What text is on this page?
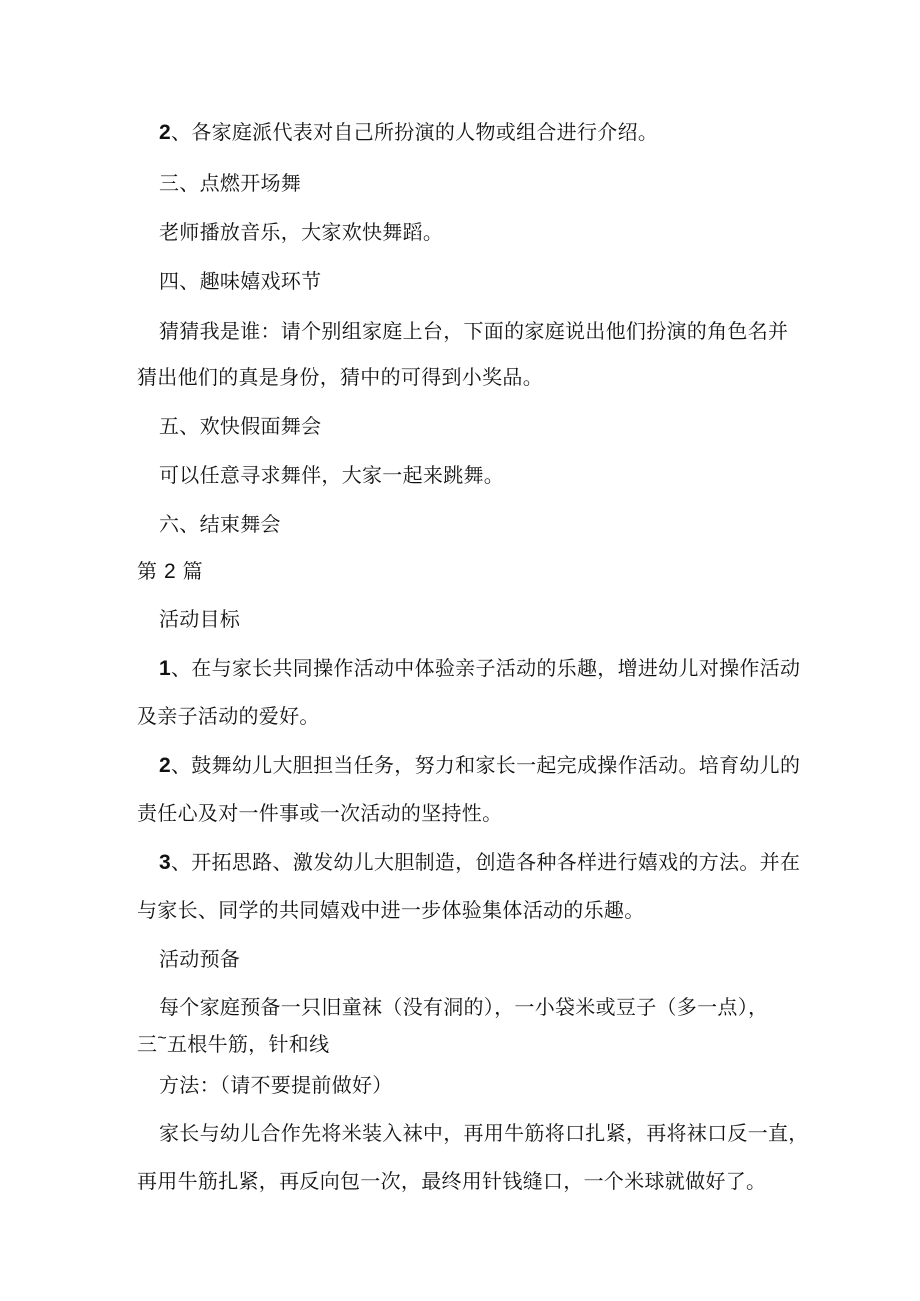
2、各家庭派代表对自己所扮演的人物或组合进行介绍。
三、点燃开场舞
老师播放音乐，大家欢快舞蹈。
四、趣味嬉戏环节
猜猜我是谁：请个别组家庭上台，下面的家庭说出他们扮演的角色名并
猜出他们的真是身份，猜中的可得到小奖品。
五、欢快假面舞会
可以任意寻求舞伴，大家一起来跳舞。
六、结束舞会
第 2 篇
活动目标
1、在与家长共同操作活动中体验亲子活动的乐趣，增进幼儿对操作活动
及亲子活动的爱好。
2、鼓舞幼儿大胆担当任务，努力和家长一起完成操作活动。培育幼儿的
责任心及对一件事或一次活动的坚持性。
3、开拓思路、激发幼儿大胆制造，创造各种各样进行嬉戏的方法。并在
与家长、同学的共同嬉戏中进一步体验集体活动的乐趣。
活动预备
每个家庭预备一只旧童袜（没有洞的），一小袋米或豆子（多一点），
三~五根牛筋，针和线
方法：（请不要提前做好）
家长与幼儿合作先将米装入袜中，再用牛筋将口扎紧，再将袜口反一直，
再用牛筋扎紧，再反向包一次，最终用针钱缝口，一个米球就做好了。
